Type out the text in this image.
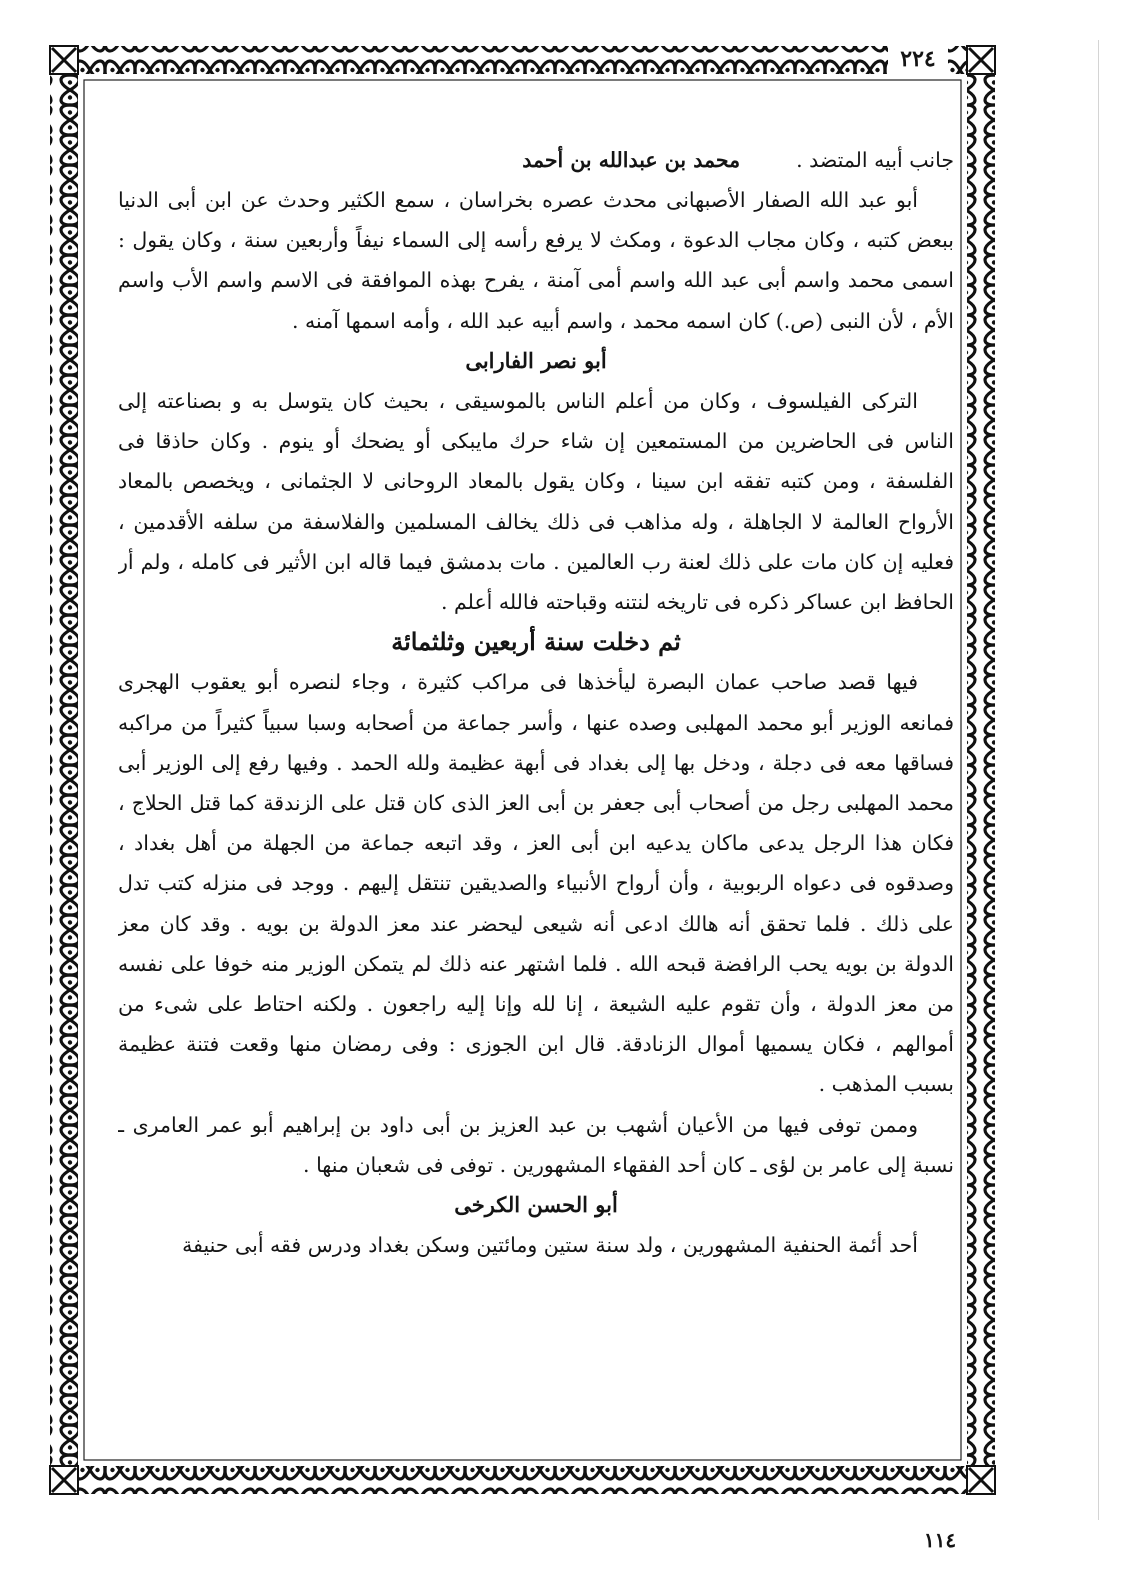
٢٢٤
جانب أبيه المتضد .
محمد بن عبدالله بن أحمد

أبو عبد الله الصفار الأصبهانى محدث عصره بخراسان ، سمع الكثير وحدث عن ابن أبى الدنيا ببعض كتبه ، وكان مجاب الدعوة ، ومكث لا يرفع رأسه إلى السماء نيفاً وأربعين سنة ، وكان يقول : اسمى محمد واسم أبى عبد الله واسم أمى آمنة ، يفرح بهذه الموافقة فى الاسم واسم الأب واسم الأم ، لأن النبى (ص.) كان اسمه محمد ، واسم أبيه عبد الله ، وأمه اسمها آمنه .

أبو نصر الفارابى

التركى الفيلسوف ، وكان من أعلم الناس بالموسيقى ، بحيث كان يتوسل به و بصناعته إلى الناس فى الحاضرين من المستمعين إن شاء حرك مايبكى أو يضحك أو ينوم . وكان حاذقا فى الفلسفة ، ومن كتبه تفقه ابن سينا ، وكان يقول بالمعاد الروحانى لا الجثمانى ، ويخصص بالمعاد الأرواح العالمة لا الجاهلة ، وله مذاهب فى ذلك يخالف المسلمين والفلاسفة من سلفه الأقدمين ، فعليه إن كان مات على ذلك لعنة رب العالمين . مات بدمشق فيما قاله ابن الأثير فى كامله ، ولم أر الحافظ ابن عساكر ذكره فى تاريخه لنتنه وقباحته فالله أعلم .

ثم دخلت سنة أربعين وثلثمائة

فيها قصد صاحب عمان البصرة ليأخذها فى مراكب كثيرة ، وجاء لنصره أبو يعقوب الهجرى فمانعه الوزير أبو محمد المهلبى وصده عنها ، وأسر جماعة من أصحابه وسبا سبياً كثيراً من مراكبه فساقها معه فى دجلة ، ودخل بها إلى بغداد فى أبهة عظيمة ولله الحمد . وفيها رفع إلى الوزير أبى محمد المهلبى رجل من أصحاب أبى جعفر بن أبى العز الذى كان قتل على الزندقة كما قتل الحلاج ، فكان هذا الرجل يدعى ماكان يدعيه ابن أبى العز ، وقد اتبعه جماعة من الجهلة من أهل بغداد ، وصدقوه فى دعواه الربوبية ، وأن أرواح الأنبياء والصديقين تنتقل إليهم . ووجد فى منزله كتب تدل على ذلك . فلما تحقق أنه هالك ادعى أنه شيعى ليحضر عند معز الدولة بن بويه . وقد كان معز الدولة بن بويه يحب الرافضة قبحه الله . فلما اشتهر عنه ذلك لم يتمكن الوزير منه خوفا على نفسه من معز الدولة ، وأن تقوم عليه الشيعة ، إنا لله وإنا إليه راجعون . ولكنه احتاط على شىء من أموالهم ، فكان يسميها أموال الزنادقة. قال ابن الجوزى : وفى رمضان منها وقعت فتنة عظيمة بسبب المذهب .

وممن توفى فيها من الأعيان أشهب بن عبد العزيز بن أبى داود بن إبراهيم أبو عمر العامرى ـ نسبة إلى عامر بن لؤى ـ كان أحد الفقهاء المشهورين . توفى فى شعبان منها .

أبو الحسن الكرخى

أحد أئمة الحنفية المشهورين ، ولد سنة ستين ومائتين وسكن بغداد ودرس فقه أبى حنيفة

١١٤
